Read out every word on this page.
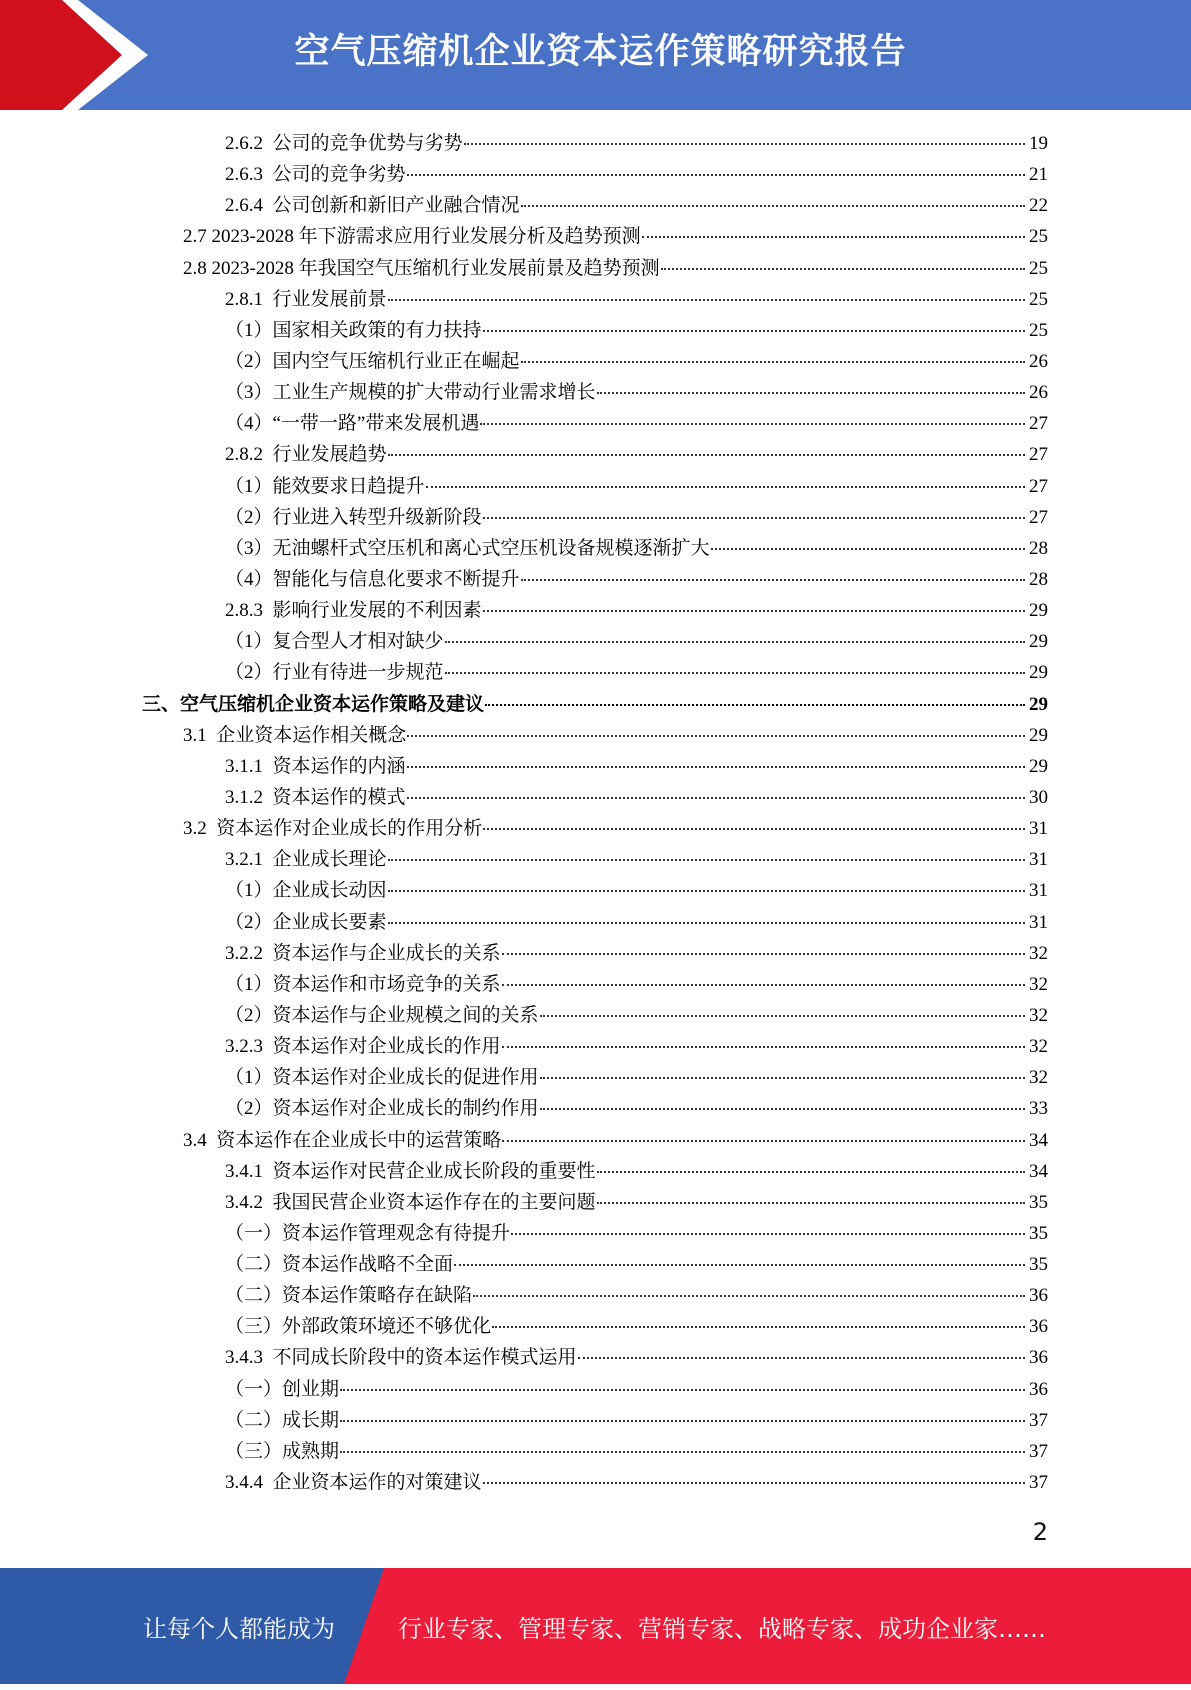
空气压缩机企业资本运作策略研究报告
2.6.2  公司的竞争优势与劣势	19
2.6.3  公司的竞争劣势	21
2.6.4  公司创新和新旧产业融合情况	22
2.7 2023-2028 年下游需求应用行业发展分析及趋势预测	25
2.8 2023-2028 年我国空气压缩机行业发展前景及趋势预测	25
2.8.1  行业发展前景	25
（1）国家相关政策的有力扶持	25
（2）国内空气压缩机行业正在崛起	26
（3）工业生产规模的扩大带动行业需求增长	26
（4）“一带一路”带来发展机遇	27
2.8.2  行业发展趋势	27
（1）能效要求日趋提升	27
（2）行业进入转型升级新阶段	27
（3）无油螺杆式空压机和离心式空压机设备规模逐渐扩大	28
（4）智能化与信息化要求不断提升	28
2.8.3  影响行业发展的不利因素	29
（1）复合型人才相对缺少	29
（2）行业有待进一步规范	29
三、空气压缩机企业资本运作策略及建议	29
3.1  企业资本运作相关概念	29
3.1.1  资本运作的内涵	29
3.1.2  资本运作的模式	30
3.2  资本运作对企业成长的作用分析	31
3.2.1  企业成长理论	31
（1）企业成长动因	31
（2）企业成长要素	31
3.2.2  资本运作与企业成长的关系	32
（1）资本运作和市场竞争的关系	32
（2）资本运作与企业规模之间的关系	32
3.2.3  资本运作对企业成长的作用	32
（1）资本运作对企业成长的促进作用	32
（2）资本运作对企业成长的制约作用	33
3.4  资本运作在企业成长中的运营策略	34
3.4.1  资本运作对民营企业成长阶段的重要性	34
3.4.2  我国民营企业资本运作存在的主要问题	35
（一）资本运作管理观念有待提升	35
（二）资本运作战略不全面	35
（二）资本运作策略存在缺陷	36
（三）外部政策环境还不够优化	36
3.4.3  不同成长阶段中的资本运作模式运用	36
（一）创业期	36
（二）成长期	37
（三）成熟期	37
3.4.4  企业资本运作的对策建议	37
2
让每个人都能成为	行业专家、管理专家、营销专家、战略专家、成功企业家……
